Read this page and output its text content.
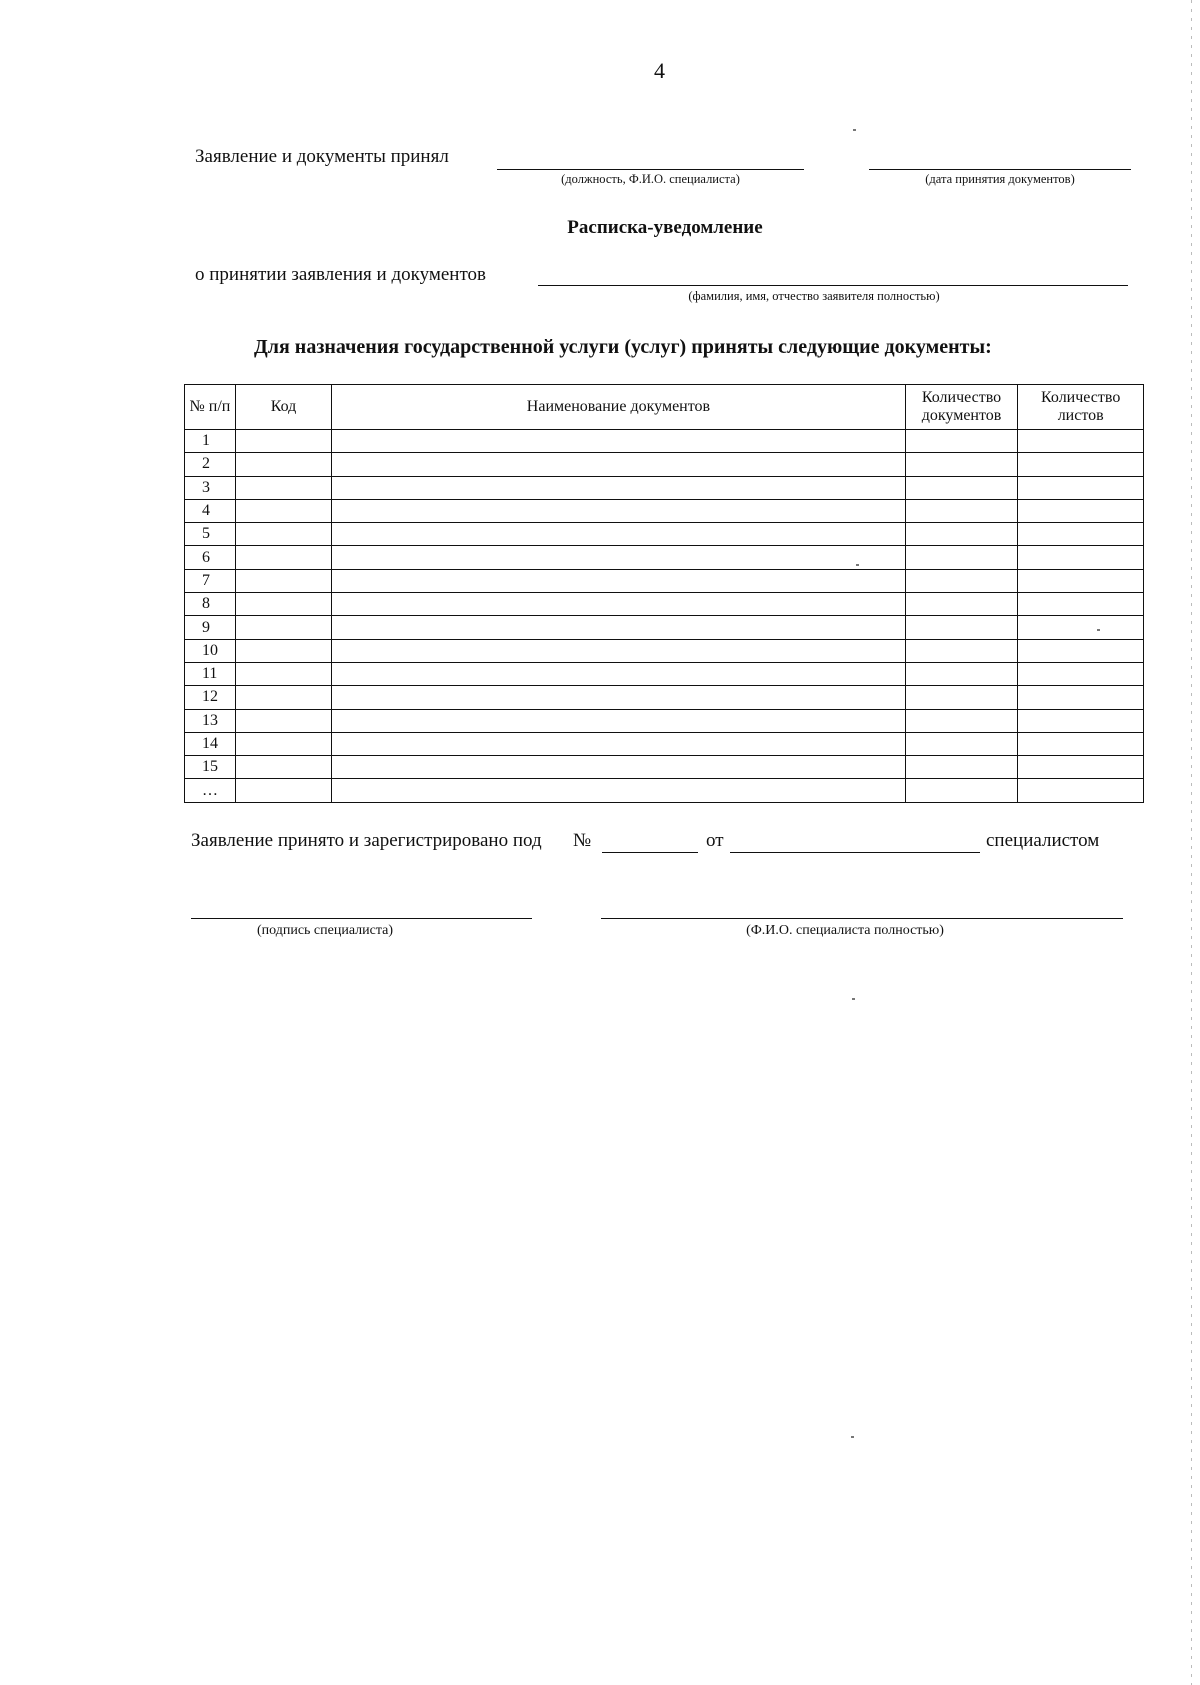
4
Заявление и документы принял
(должность, Ф.И.О. специалиста)	(дата принятия документов)
Расписка-уведомление
о принятии заявления и документов
(фамилия, имя, отчество заявителя полностью)
Для назначения государственной услуги (услуг) приняты следующие документы:
№ п/п	Код	Наименование документов	Количество документов	Количество листов
1				
2				
3				
4				
5				
6				
7				
8				
9				
10				
11				
12				
13				
14				
15				
…				
Заявление принято и зарегистрировано под №	от	специалистом
(подпись специалиста)	(Ф.И.О. специалиста полностью)
